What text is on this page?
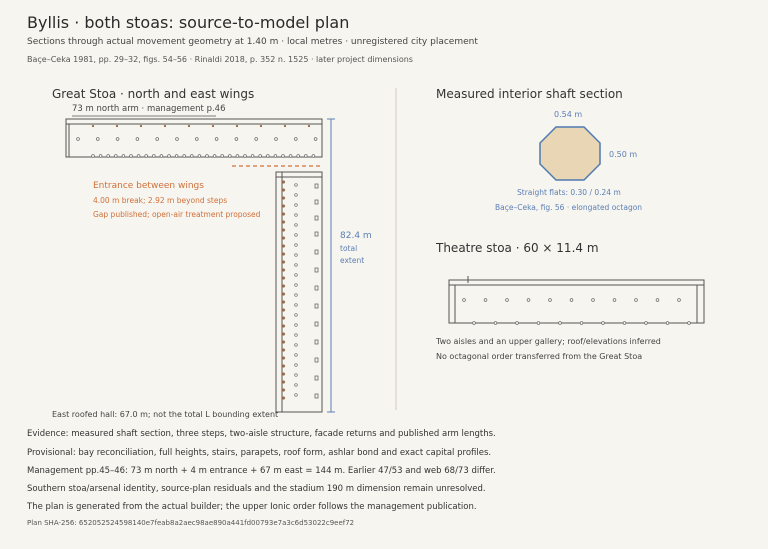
Byllis · both stoas: source-to-model plan
Sections through actual movement geometry at 1.40 m · local metres · unregistered city placement
Bаçe–Ceka 1981, pp. 29–32, figs. 54–56 · Rinaldi 2018, p. 352 n. 1525 · later project dimensions
Great Stoa · north and east wings
73 m north arm · management p.46
Entrance between wings
4.00 m break; 2.92 m beyond steps
Gap published; open-air treatment proposed
82.4 m
total
extent
East roofed hall: 67.0 m; not the total L bounding extent
Measured interior shaft section
0.54 m
0.50 m
Straight flats: 0.30 / 0.24 m
Baçe–Ceka, fig. 56 · elongated octagon
Theatre stoa · 60 × 11.4 m
Two aisles and an upper gallery; roof/elevations inferred
No octagonal order transferred from the Great Stoa
Evidence: measured shaft section, three steps, two-aisle structure, facade returns and published arm lengths.
Provisional: bay reconciliation, full heights, stairs, parapets, roof form, ashlar bond and exact capital profiles.
Management pp.45–46: 73 m north + 4 m entrance + 67 m east = 144 m. Earlier 47/53 and web 68/73 differ.
Southern stoa/arsenal identity, source-plan residuals and the stadium 190 m dimension remain unresolved.
The plan is generated from the actual builder; the upper Ionic order follows the management publication.
Plan SHA-256: 652052524598140e7feab8a2aec98ae890a441fd00793e7a3c6d53022c9eef72
